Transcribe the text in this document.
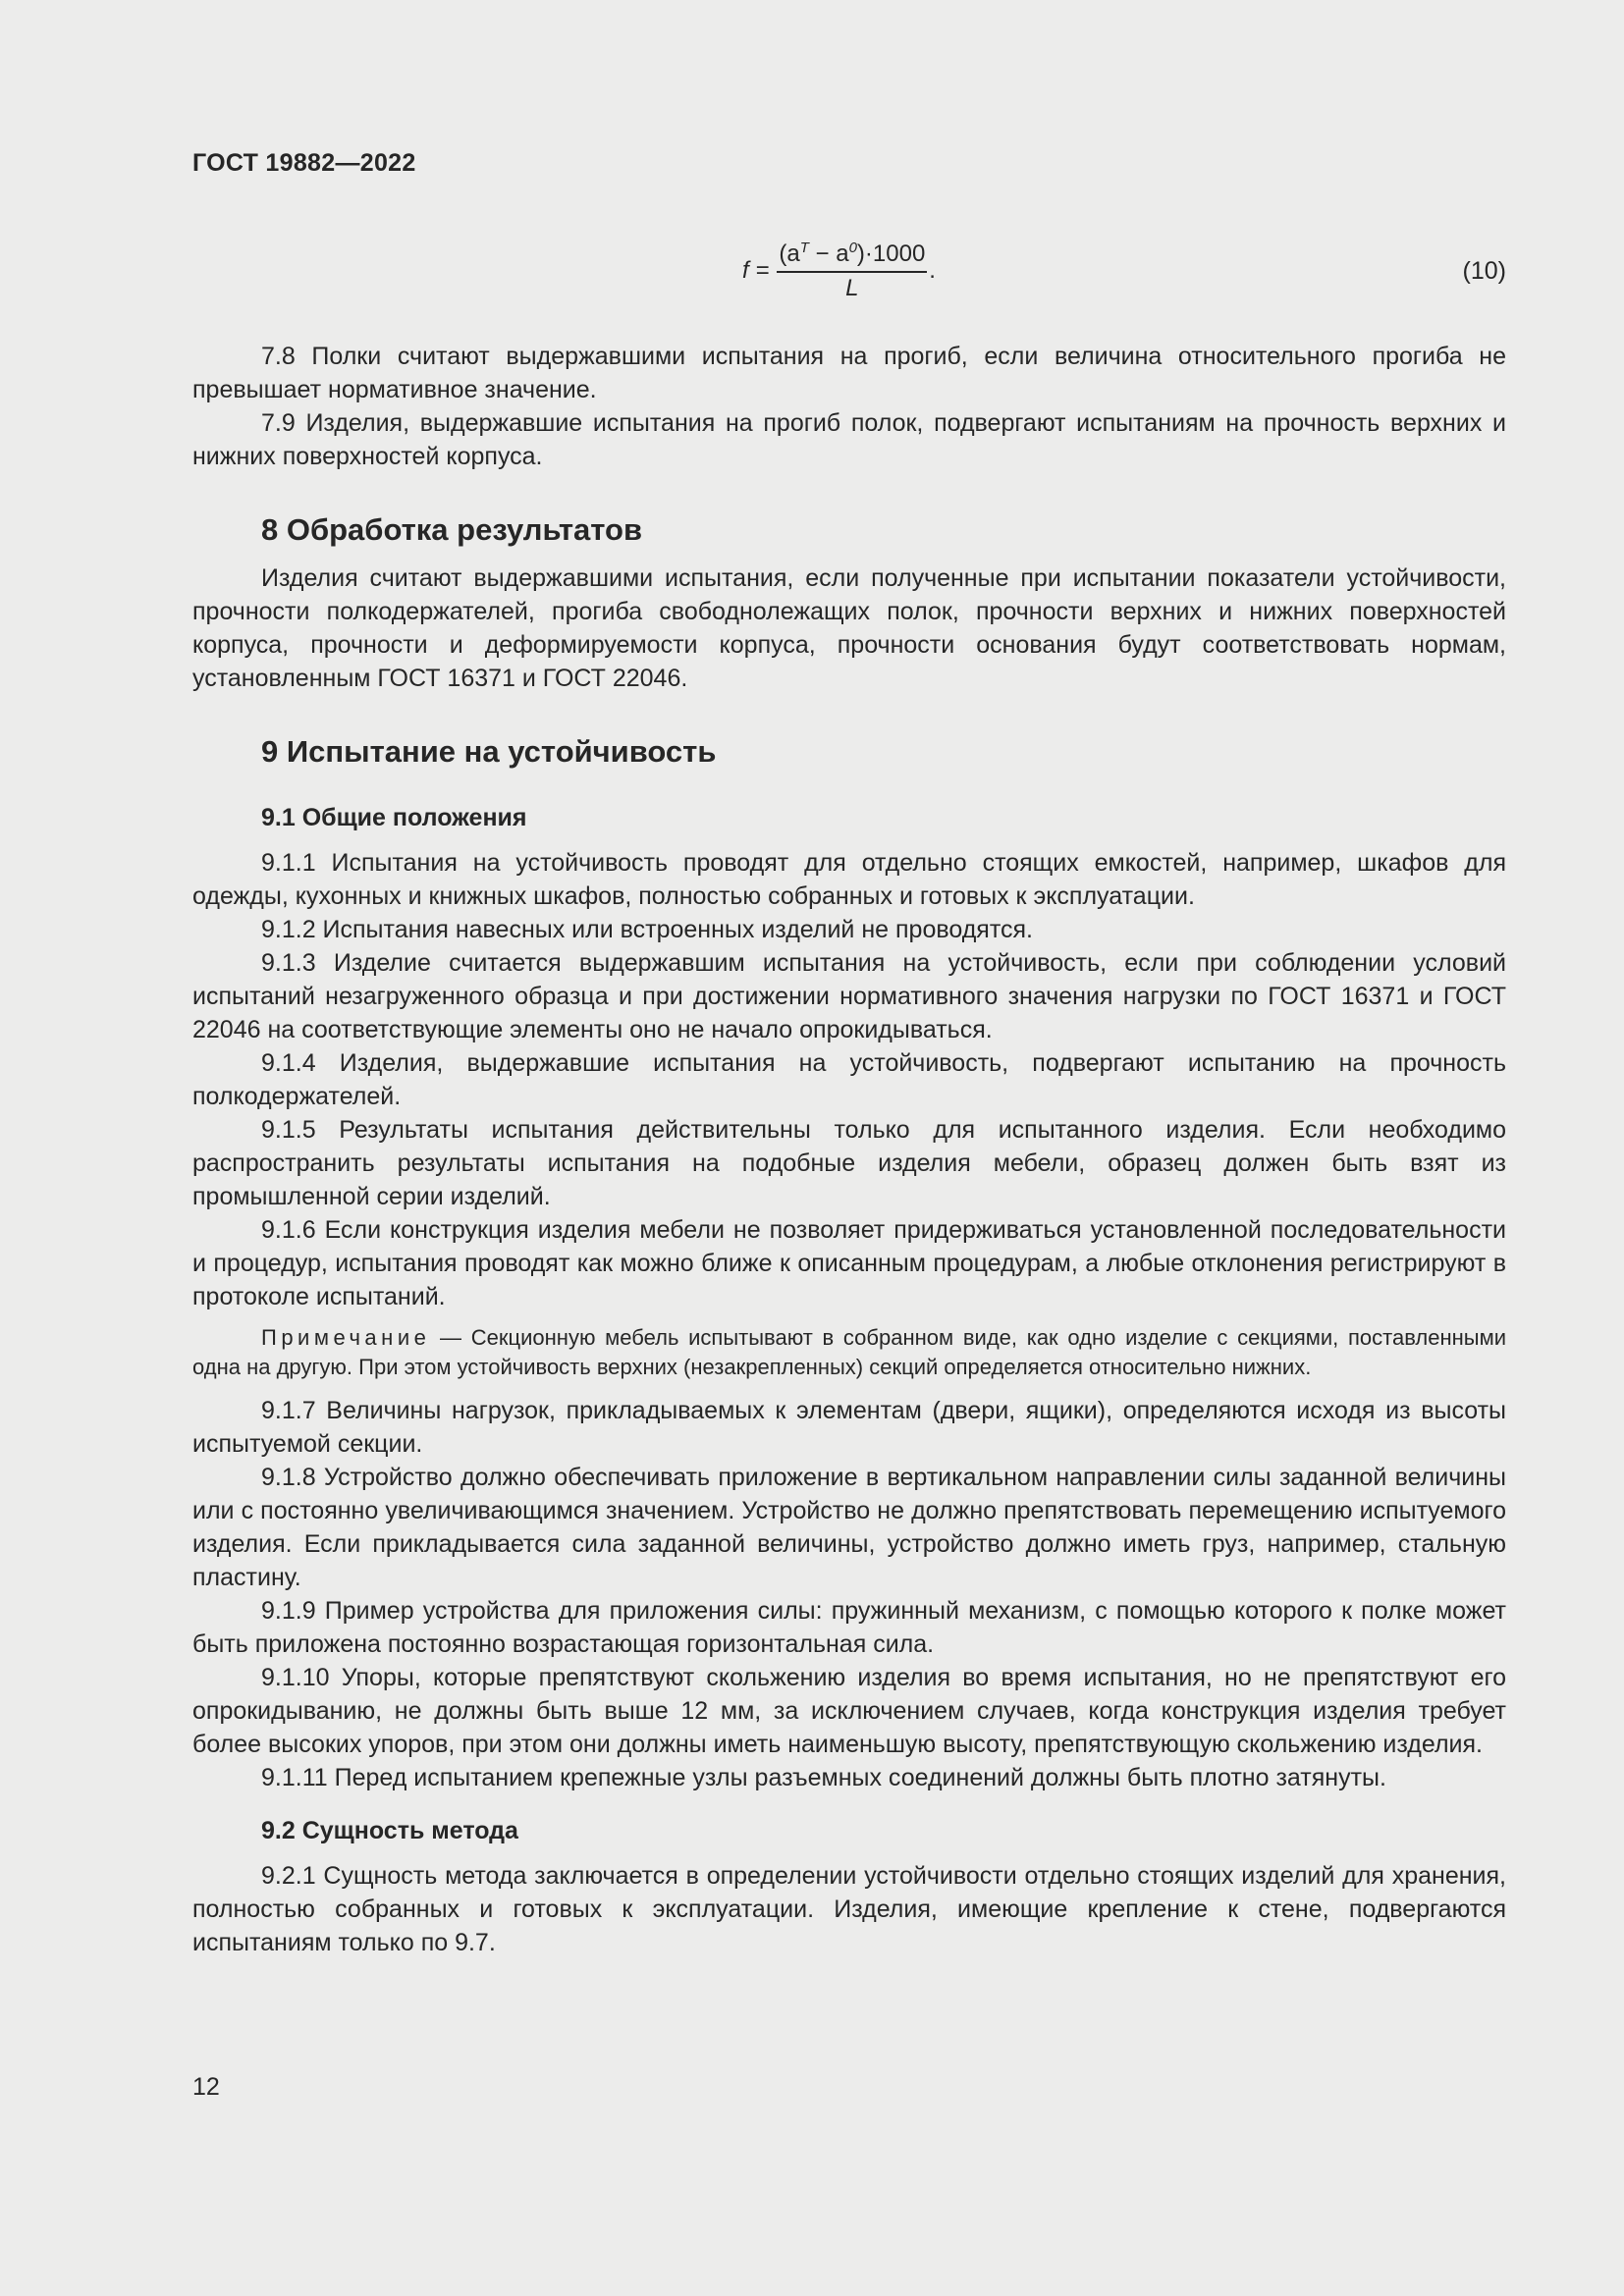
ГОСТ 19882—2022
$f = \frac{(a^T - a^0)\cdot 1000}{L}$ .	(10)

7.8 Полки считают выдержавшими испытания на прогиб, если величина относительного прогиба не превышает нормативное значение.

7.9 Изделия, выдержавшие испытания на прогиб полок, подвергают испытаниям на прочность верхних и нижних поверхностей корпуса.

8 Обработка результатов

Изделия считают выдержавшими испытания, если полученные при испытании показатели устойчивости, прочности полкодержателей, прогиба свободнолежащих полок, прочности верхних и нижних поверхностей корпуса, прочности и деформируемости корпуса, прочности основания будут соответствовать нормам, установленным ГОСТ 16371 и ГОСТ 22046.

9 Испытание на устойчивость
9.1 Общие положения

9.1.1 Испытания на устойчивость проводят для отдельно стоящих емкостей, например, шкафов для одежды, кухонных и книжных шкафов, полностью собранных и готовых к эксплуатации.

9.1.2 Испытания навесных или встроенных изделий не проводятся.

9.1.3 Изделие считается выдержавшим испытания на устойчивость, если при соблюдении условий испытаний незагруженного образца и при достижении нормативного значения нагрузки по ГОСТ 16371 и ГОСТ 22046 на соответствующие элементы оно не начало опрокидываться.

9.1.4 Изделия, выдержавшие испытания на устойчивость, подвергают испытанию на прочность полкодержателей.

9.1.5 Результаты испытания действительны только для испытанного изделия. Если необходимо распространить результаты испытания на подобные изделия мебели, образец должен быть взят из промышленной серии изделий.

9.1.6 Если конструкция изделия мебели не позволяет придерживаться установленной последовательности и процедур, испытания проводят как можно ближе к описанным процедурам, а любые отклонения регистрируют в протоколе испытаний.

Примечание — Секционную мебель испытывают в собранном виде, как одно изделие с секциями, поставленными одна на другую. При этом устойчивость верхних (незакрепленных) секций определяется относительно нижних.

9.1.7 Величины нагрузок, прикладываемых к элементам (двери, ящики), определяются исходя из высоты испытуемой секции.

9.1.8 Устройство должно обеспечивать приложение в вертикальном направлении силы заданной величины или с постоянно увеличивающимся значением. Устройство не должно препятствовать перемещению испытуемого изделия. Если прикладывается сила заданной величины, устройство должно иметь груз, например, стальную пластину.

9.1.9 Пример устройства для приложения силы: пружинный механизм, с помощью которого к полке может быть приложена постоянно возрастающая горизонтальная сила.

9.1.10 Упоры, которые препятствуют скольжению изделия во время испытания, но не препятствуют его опрокидыванию, не должны быть выше 12 мм, за исключением случаев, когда конструкция изделия требует более высоких упоров, при этом они должны иметь наименьшую высоту, препятствующую скольжению изделия.

9.1.11 Перед испытанием крепежные узлы разъемных соединений должны быть плотно затянуты.

9.2 Сущность метода

9.2.1 Сущность метода заключается в определении устойчивости отдельно стоящих изделий для хранения, полностью собранных и готовых к эксплуатации. Изделия, имеющие крепление к стене, подвергаются испытаниям только по 9.7.

12
